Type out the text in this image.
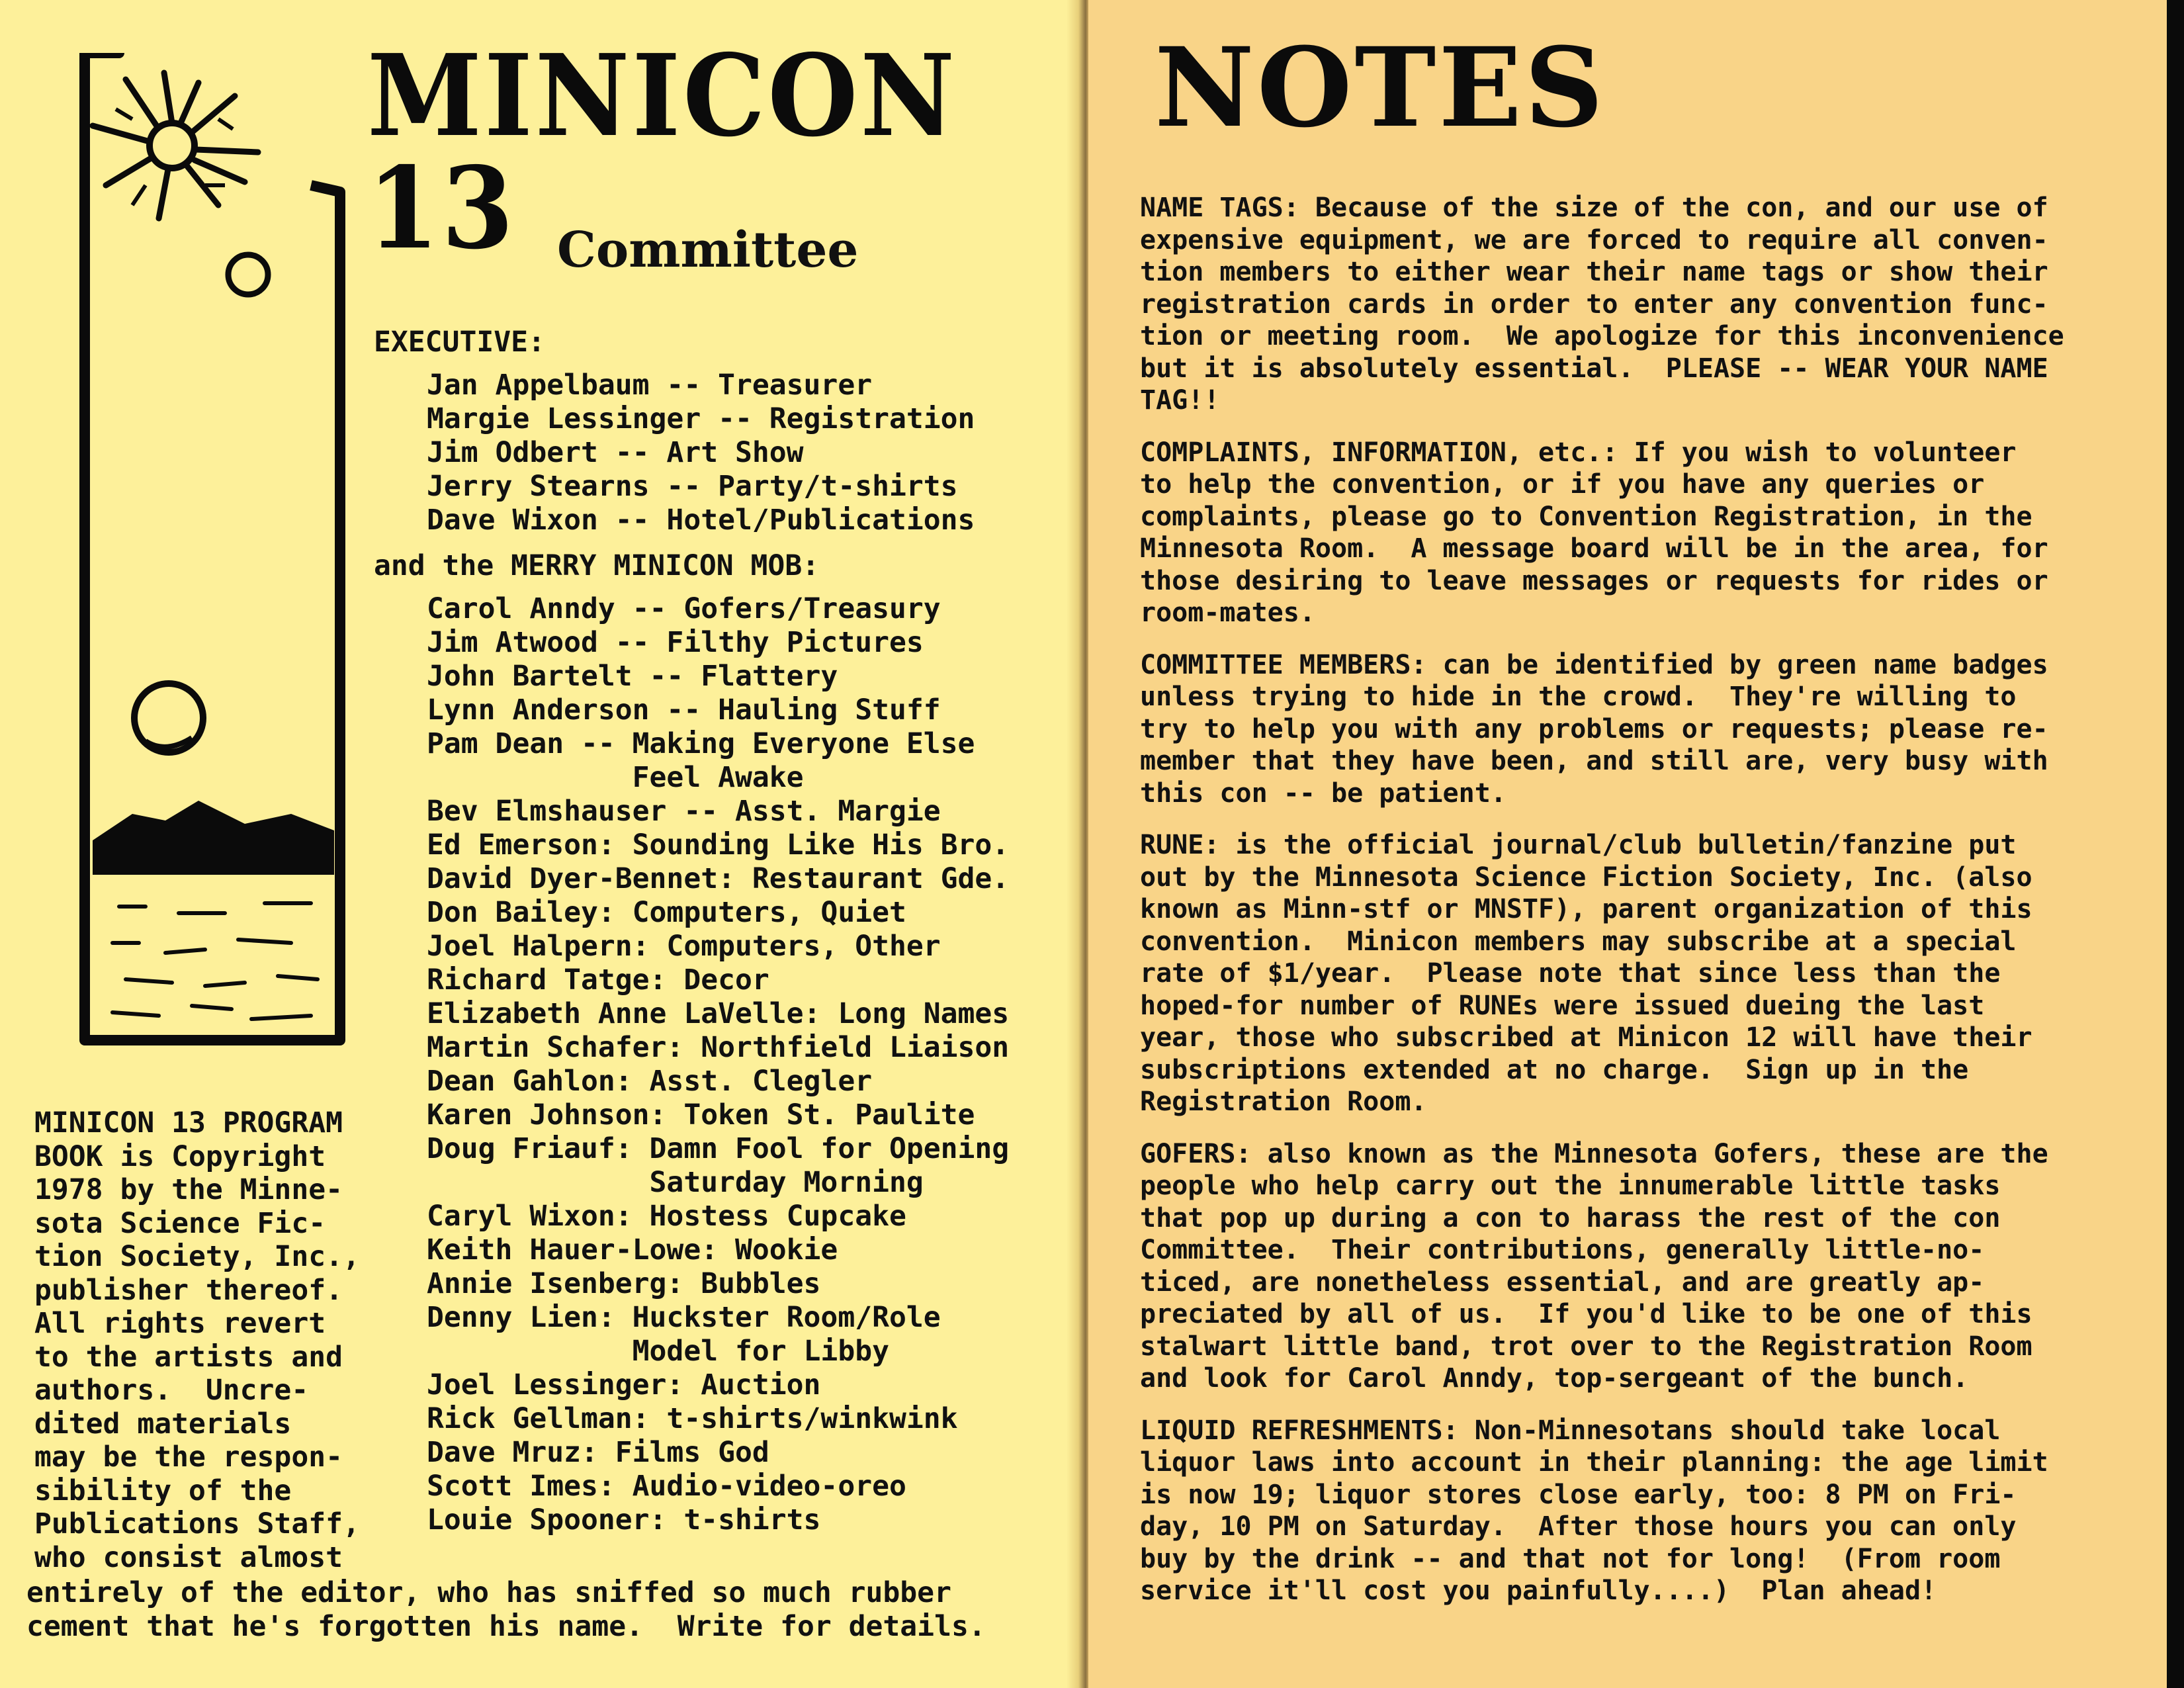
MINICON 13 Committee
EXECUTIVE:
Jan Appelbaum -- Treasurer
Margie Lessinger -- Registration
Jim Odbert -- Art Show
Jerry Stearns -- Party/t-shirts
Dave Wixon -- Hotel/Publications
and the MERRY MINICON MOB:
Carol Anndy -- Gofers/Treasury
Jim Atwood -- Filthy Pictures
John Bartelt -- Flattery
Lynn Anderson -- Hauling Stuff
Pam Dean -- Making Everyone Else
Feel Awake
Bev Elmshauser -- Asst. Margie
Ed Emerson: Sounding Like His Bro.
David Dyer-Bennet: Restaurant Gde.
Don Bailey: Computers, Quiet
Joel Halpern: Computers, Other
Richard Tatge: Decor
Elizabeth Anne LaVelle: Long Names
Martin Schafer: Northfield Liaison
Dean Gahlon: Asst. Clegler
Karen Johnson: Token St. Paulite
Doug Friauf: Damn Fool for Opening
Saturday Morning
Caryl Wixon: Hostess Cupcake
Keith Hauer-Lowe: Wookie
Annie Isenberg: Bubbles
Denny Lien: Huckster Room/Role
Model for Libby
Joel Lessinger: Auction
Rick Gellman: t-shirts/winkwink
Dave Mruz: Films God
Scott Imes: Audio-video-oreo
Louie Spooner: t-shirts
MINICON 13 PROGRAM
BOOK is Copyright
1978 by the Minne-
sota Science Fic-
tion Society, Inc.,
publisher thereof.
All rights revert
to the artists and
authors.  Uncre-
dited materials
may be the respon-
sibility of the
Publications Staff,
who consist almost
entirely of the editor, who has sniffed so much rubber
cement that he's forgotten his name.  Write for details.
NOTES

NAME TAGS: Because of the size of the con, and our use of
expensive equipment, we are forced to require all conven-
tion members to either wear their name tags or show their
registration cards in order to enter any convention func-
tion or meeting room.  We apologize for this inconvenience
but it is absolutely essential.  PLEASE -- WEAR YOUR NAME
TAG!!

COMPLAINTS, INFORMATION, etc.: If you wish to volunteer
to help the convention, or if you have any queries or
complaints, please go to Convention Registration, in the
Minnesota Room.  A message board will be in the area, for
those desiring to leave messages or requests for rides or
room-mates.

COMMITTEE MEMBERS: can be identified by green name badges
unless trying to hide in the crowd.  They're willing to
try to help you with any problems or requests; please re-
member that they have been, and still are, very busy with
this con -- be patient.

RUNE: is the official journal/club bulletin/fanzine put
out by the Minnesota Science Fiction Society, Inc. (also
known as Minn-stf or MNSTF), parent organization of this
convention.  Minicon members may subscribe at a special
rate of $1/year.  Please note that since less than the
hoped-for number of RUNEs were issued dueing the last
year, those who subscribed at Minicon 12 will have their
subscriptions extended at no charge.  Sign up in the
Registration Room.

GOFERS: also known as the Minnesota Gofers, these are the
people who help carry out the innumerable little tasks
that pop up during a con to harass the rest of the con
Committee.  Their contributions, generally little-no-
ticed, are nonetheless essential, and are greatly ap-
preciated by all of us.  If you'd like to be one of this
stalwart little band, trot over to the Registration Room
and look for Carol Anndy, top-sergeant of the bunch.

LIQUID REFRESHMENTS: Non-Minnesotans should take local
liquor laws into account in their planning: the age limit
is now 19; liquor stores close early, too: 8 PM on Fri-
day, 10 PM on Saturday.  After those hours you can only
buy by the drink -- and that not for long!  (From room
service it'll cost you painfully....)  Plan ahead!
